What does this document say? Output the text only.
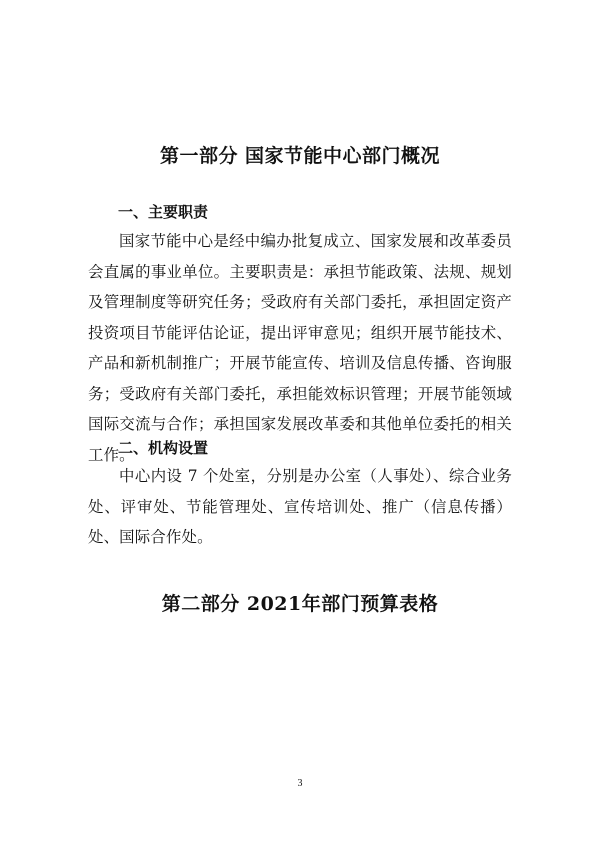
第一部分 国家节能中心部门概况
一、主要职责

国家节能中心是经中编办批复成立、国家发展和改革委员会直属的事业单位。主要职责是：承担节能政策、法规、规划及管理制度等研究任务；受政府有关部门委托，承担固定资产投资项目节能评估论证，提出评审意见；组织开展节能技术、产品和新机制推广；开展节能宣传、培训及信息传播、咨询服务；受政府有关部门委托，承担能效标识管理；开展节能领域国际交流与合作；承担国家发展改革委和其他单位委托的相关工作。

二、机构设置

中心内设 7 个处室，分别是办公室（人事处）、综合业务处、评审处、节能管理处、宣传培训处、推广（信息传播）处、国际合作处。

第二部分 2021年部门预算表格
3
